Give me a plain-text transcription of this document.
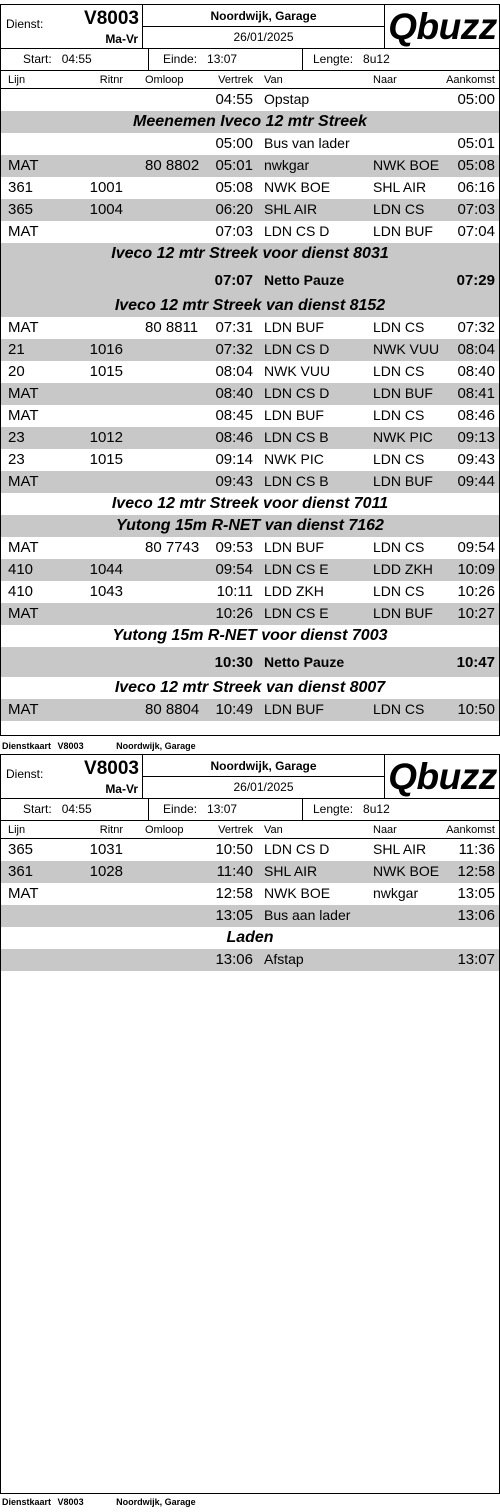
Dienst: V8003
Ma-Vr
Noordwijk, Garage
26/01/2025	Qbuzz
Start: 04:55	Einde: 13:07	Lengte: 8u12
Lijn	Ritnr Omloop	Vertrek Van	Naar	Aankomst
04:55 Opstap	05:00
Meenemen Iveco 12 mtr Streek
05:00 Bus van lader	05:01
MAT	80 8802 05:01 nwkgar	NWK BOE 05:08
361	1001	05:08 NWK BOE	SHL AIR 06:16
365	1004	06:20 SHL AIR	LDN CS 07:03
MAT	07:03 LDN CS D	LDN BUF 07:04
Iveco 12 mtr Streek voor dienst 8031
07:07 Netto Pauze	07:29
Iveco 12 mtr Streek van dienst 8152
MAT	80 8811 07:31 LDN BUF	LDN CS 07:32
21	1016	07:32 LDN CS D	NWK VUU 08:04
20	1015	08:04 NWK VUU	LDN CS 08:40
MAT	08:40 LDN CS D	LDN BUF 08:41
MAT	08:45 LDN BUF	LDN CS 08:46
23	1012	08:46 LDN CS B	NWK PIC 09:13
23	1015	09:14 NWK PIC	LDN CS 09:43
MAT	09:43 LDN CS B	LDN BUF 09:44
Iveco 12 mtr Streek voor dienst 7011
Yutong 15m R-NET van dienst 7162
MAT	80 7743 09:53 LDN BUF	LDN CS 09:54
410	1044	09:54 LDN CS E	LDD ZKH 10:09
410	1043	10:11 LDD ZKH	LDN CS 10:26
MAT	10:26 LDN CS E	LDN BUF 10:27
Yutong 15m R-NET voor dienst 7003
10:30 Netto Pauze	10:47
Iveco 12 mtr Streek van dienst 8007
MAT	80 8804 10:49 LDN BUF	LDN CS 10:50
Dienstkaart V8003	Noordwijk, Garage
Dienst: V8003
Ma-Vr
Noordwijk, Garage
26/01/2025	Qbuzz
Start: 04:55	Einde: 13:07	Lengte: 8u12
Lijn	Ritnr Omloop	Vertrek Van	Naar	Aankomst
365	1031	10:50 LDN CS D	SHL AIR 11:36
361	1028	11:40 SHL AIR	NWK BOE 12:58
MAT	12:58 NWK BOE	nwkgar	13:05
13:05 Bus aan lader	13:06
Laden
13:06 Afstap	13:07
Dienstkaart V8003	Noordwijk, Garage
